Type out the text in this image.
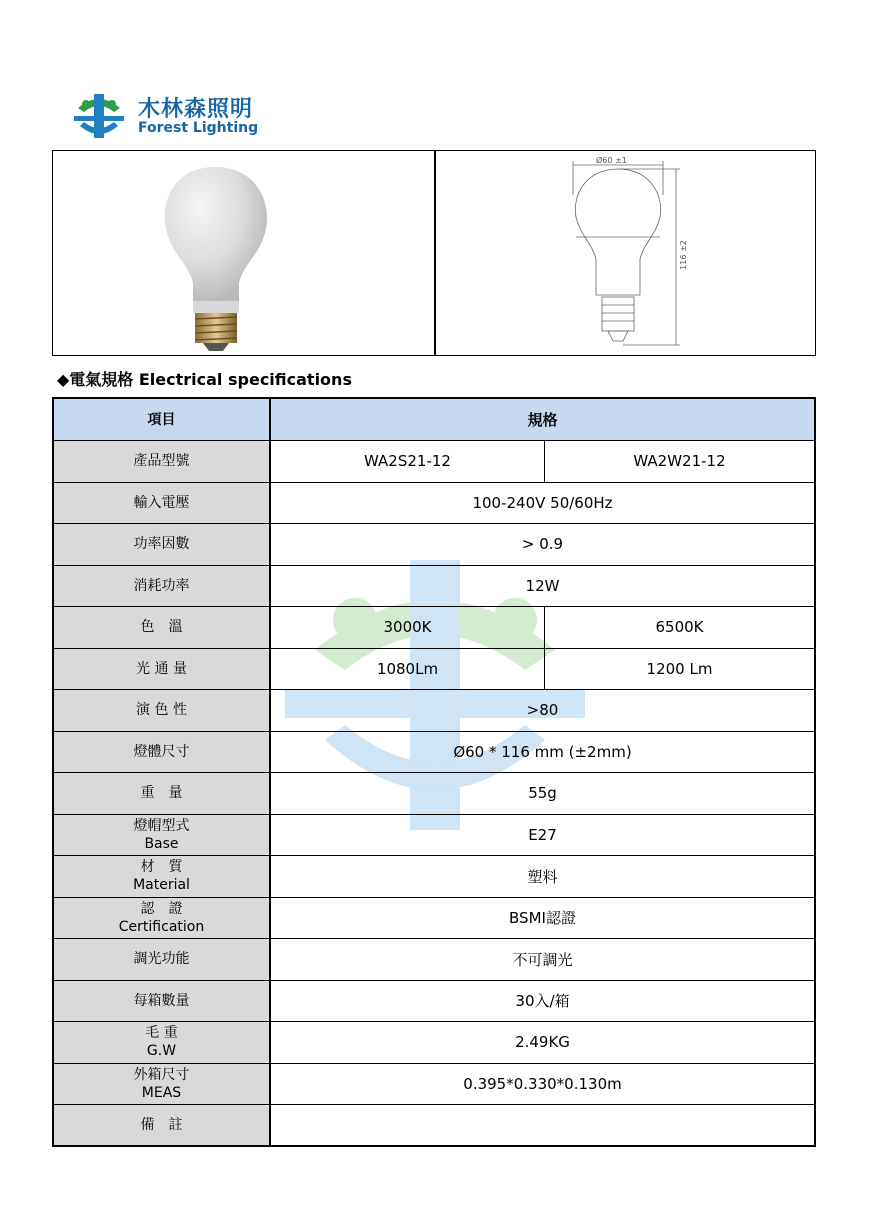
木林森照明
Forest Lighting
Ø60 ±1
116 ±2
◆電氣規格 Electrical specifications
項目	規格
產品型號	WA2S21-12	WA2W21-12
輸入電壓	100-240V 50/60Hz
功率因數	> 0.9
消耗功率	12W
色　溫	3000K	6500K
光 通 量	1080Lm	1200 Lm
演 色 性	>80
燈體尺寸	Ø60 * 116 mm (±2mm)
重　量	55g
燈帽型式
Base	E27
材　質
Material	塑料
認　證
Certification	BSMI認證
調光功能	不可調光
每箱數量	30入/箱
毛 重
G.W	2.49KG
外箱尺寸
MEAS	0.395*0.330*0.130m
備　註
